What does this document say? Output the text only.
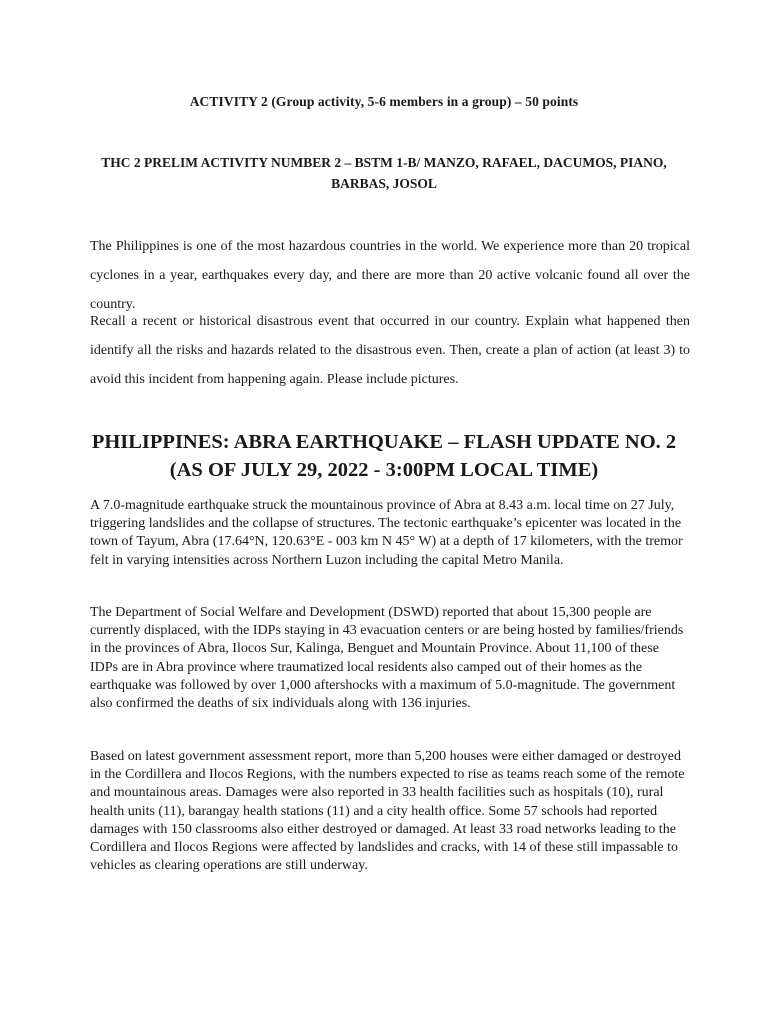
ACTIVITY 2 (Group activity, 5-6 members in a group) – 50 points
THC 2 PRELIM ACTIVITY NUMBER 2 – BSTM 1-B/ MANZO, RAFAEL, DACUMOS, PIANO, BARBAS, JOSOL

The Philippines is one of the most hazardous countries in the world. We experience more than 20 tropical cyclones in a year, earthquakes every day, and there are more than 20 active volcanic found all over the country.

Recall a recent or historical disastrous event that occurred in our country. Explain what happened then identify all the risks and hazards related to the disastrous even. Then, create a plan of action (at least 3) to avoid this incident from happening again. Please include pictures.

PHILIPPINES: ABRA EARTHQUAKE – FLASH UPDATE NO. 2
(AS OF JULY 29, 2022 - 3:00PM LOCAL TIME)

A 7.0-magnitude earthquake struck the mountainous province of Abra at 8.43 a.m. local time on 27 July, triggering landslides and the collapse of structures. The tectonic earthquake’s epicenter was located in the town of Tayum, Abra (17.64°N, 120.63°E - 003 km N 45° W) at a depth of 17 kilometers, with the tremor felt in varying intensities across Northern Luzon including the capital Metro Manila.

The Department of Social Welfare and Development (DSWD) reported that about 15,300 people are currently displaced, with the IDPs staying in 43 evacuation centers or are being hosted by families/friends in the provinces of Abra, Ilocos Sur, Kalinga, Benguet and Mountain Province. About 11,100 of these IDPs are in Abra province where traumatized local residents also camped out of their homes as the earthquake was followed by over 1,000 aftershocks with a maximum of 5.0-magnitude. The government also confirmed the deaths of six individuals along with 136 injuries.

Based on latest government assessment report, more than 5,200 houses were either damaged or destroyed in the Cordillera and Ilocos Regions, with the numbers expected to rise as teams reach some of the remote and mountainous areas. Damages were also reported in 33 health facilities such as hospitals (10), rural health units (11), barangay health stations (11) and a city health office. Some 57 schools had reported damages with 150 classrooms also either destroyed or damaged. At least 33 road networks leading to the Cordillera and Ilocos Regions were affected by landslides and cracks, with 14 of these still impassable to vehicles as clearing operations are still underway.
